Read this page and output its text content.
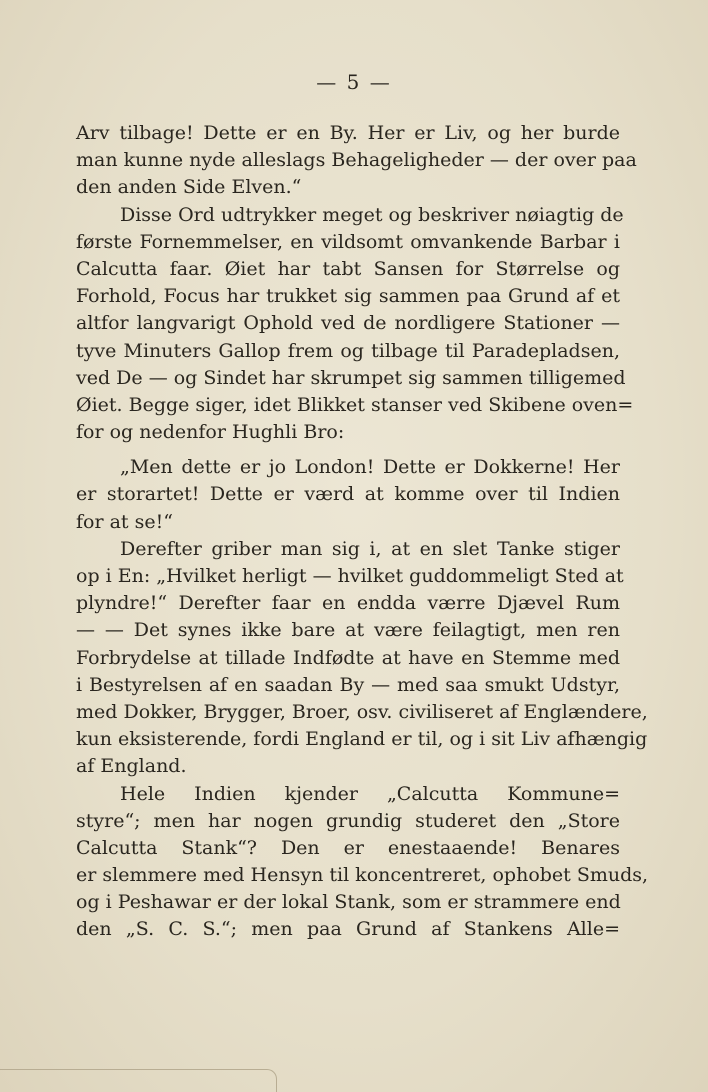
— 5 —
Arv tilbage! Dette er en By. Her er Liv, og her burde
man kunne nyde alleslags Behageligheder — der over paa
den anden Side Elven.“
Disse Ord udtrykker meget og beskriver nøiagtig de
første Fornemmelser, en vildsomt omvankende Barbar i
Calcutta faar. Øiet har tabt Sansen for Størrelse og
Forhold, Focus har trukket sig sammen paa Grund af et
altfor langvarigt Ophold ved de nordligere Stationer —
tyve Minuters Gallop frem og tilbage til Paradepladsen,
ved De — og Sindet har skrumpet sig sammen tilligemed
Øiet. Begge siger, idet Blikket stanser ved Skibene oven=
for og nedenfor Hughli Bro:
„Men dette er jo London! Dette er Dokkerne! Her
er storartet! Dette er værd at komme over til Indien
for at se!“
Derefter griber man sig i, at en slet Tanke stiger
op i En: „Hvilket herligt — hvilket guddommeligt Sted at
plyndre!“ Derefter faar en endda værre Djævel Rum
— — Det synes ikke bare at være feilagtigt, men ren
Forbrydelse at tillade Indfødte at have en Stemme med
i Bestyrelsen af en saadan By — med saa smukt Udstyr,
med Dokker, Brygger, Broer, osv. civiliseret af Englændere,
kun eksisterende, fordi England er til, og i sit Liv afhængig
af England.
Hele Indien kjender „Calcutta Kommune=
styre“; men har nogen grundig studeret den „Store
Calcutta Stank“? Den er enestaaende! Benares
er slemmere med Hensyn til koncentreret, ophobet Smuds,
og i Peshawar er der lokal Stank, som er strammere end
den „S. C. S.“; men paa Grund af Stankens Alle=
